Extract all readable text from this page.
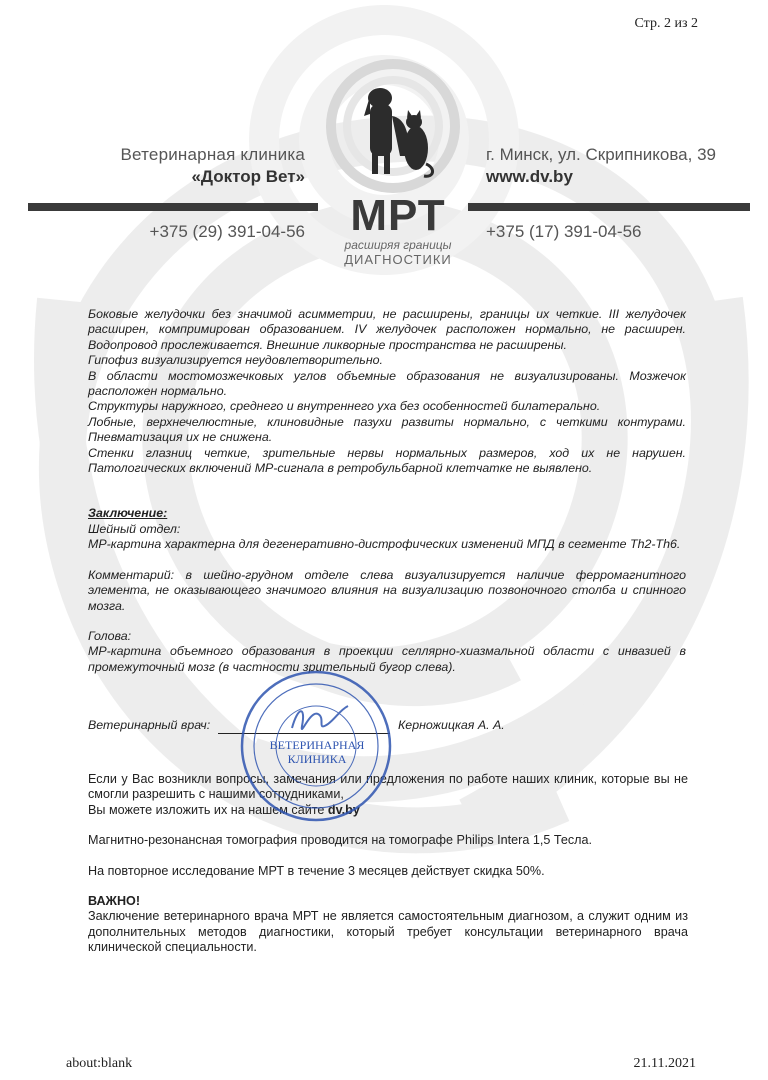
Стр. 2 из 2
МРТ
расширяя границы
ДИАГНОСТИКИ
Ветеринарная клиника
«Доктор Вет»
г. Минск, ул. Скрипникова, 39
www.dv.by
+375 (29) 391-04-56	+375 (17) 391-04-56

Боковые желудочки без значимой асимметрии, не расширены, границы их четкие. III желудочек расширен, компримирован образованием. IV желудочек расположен нормально, не расширен. Водопровод прослеживается. Внешние ликворные пространства не расширены.

Гипофиз визуализируется неудовлетворительно.

В области мостомозжечковых углов объемные образования не визуализированы. Мозжечок расположен нормально.

Структуры наружного, среднего и внутреннего уха без особенностей билатерально.

Лобные, верхнечелюстные, клиновидные пазухи развиты нормально, с четкими контурами. Пневматизация их не снижена.

Стенки глазниц четкие, зрительные нервы нормальных размеров, ход их не нарушен. Патологических включений МР-сигнала в ретробульбарной клетчатке не выявлено.

Заключение:

Шейный отдел:

МР-картина характерна для дегенеративно-дистрофических изменений МПД в сегменте Th2-Th6.

Комментарий: в шейно-грудном отделе слева визуализируется наличие ферромагнитного элемента, не оказывающего значимого влияния на визуализацию позвоночного столба и спинного мозга.

Голова:

МР-картина объемного образования в проекции селлярно-хиазмальной области с инвазией в промежуточный мозг (в частности зрительный бугор слева).

Ветеринарный врач:	Керножицкая А. А.
ВЕТЕРИНАРНАЯ
КЛИНИКА

Если у Вас возникли вопросы, замечания или предложения по работе наших клиник, которые вы не смогли разрешить с нашими сотрудниками,

Вы можете изложить их на нашем сайте dv.by

Магнитно-резонансная томография проводится на томографе Philips Intera 1,5 Тесла.

На повторное исследование МРТ в течение 3 месяцев действует скидка 50%.

ВАЖНО!

Заключение ветеринарного врача МРТ не является самостоятельным диагнозом, а служит одним из дополнительных методов диагностики, который требует консультации ветеринарного врача клинической специальности.

about:blank	21.11.2021
